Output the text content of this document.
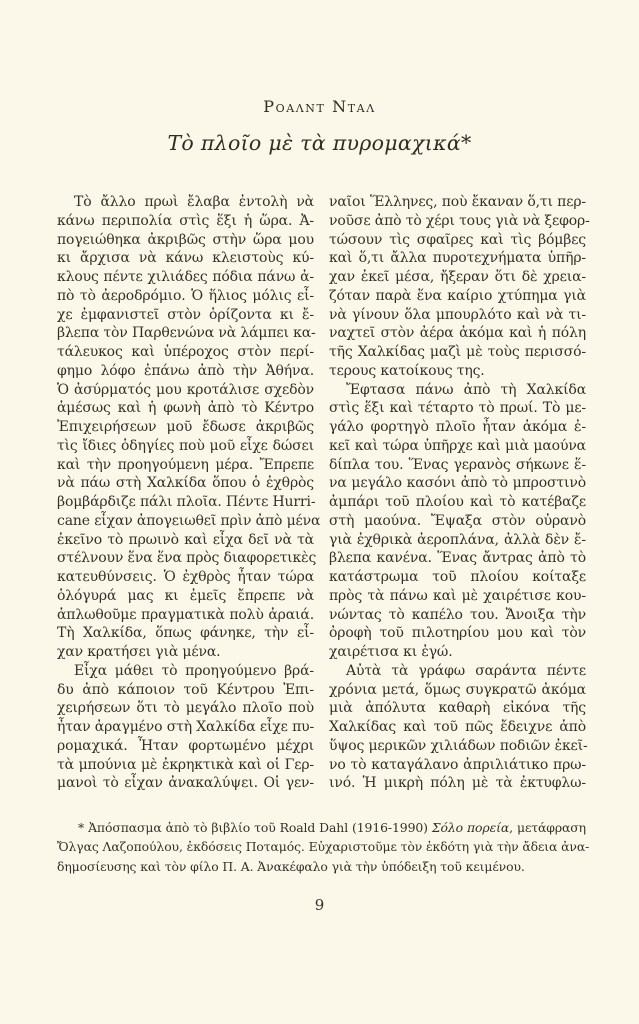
Ροαλντ Νταλ
Τὸ πλοῖο μὲ τὰ πυρομαχικά*
Τὸ ἄλλο πρωὶ ἔλαβα ἐντολὴ νὰ
κάνω περιπολία στὶς ἕξι ἡ ὥρα. Ἀ-
πογειώθηκα ἀκριβῶς στὴν ὥρα μου
κι ἄρχισα νὰ κάνω κλειστοὺς κύ-
κλους πέντε χιλιάδες πόδια πάνω ἀ-
πὸ τὸ ἀεροδρόμιο. Ὁ ἥλιος μόλις εἶ-
χε ἐμφανιστεῖ στὸν ὁρίζοντα κι ἔ-
βλεπα τὸν Παρθενώνα νὰ λάμπει κα-
τάλευκος καὶ ὑπέροχος στὸν περί-
φημο λόφο ἐπάνω ἀπὸ τὴν Ἀθήνα.
Ὁ ἀσύρματός μου κροτάλισε σχεδὸν
ἀμέσως καὶ ἡ φωνὴ ἀπὸ τὸ Κέντρο
Ἐπιχειρήσεων μοῦ ἔδωσε ἀκριβῶς
τὶς ἴδιες ὁδηγίες ποὺ μοῦ εἶχε δώσει
καὶ τὴν προηγούμενη μέρα. Ἔπρεπε
νὰ πάω στὴ Χαλκίδα ὅπου ὁ ἐχθρὸς
βομβάρδιζε πάλι πλοῖα. Πέντε Hurri-
cane εἶχαν ἀπογειωθεῖ πρὶν ἀπὸ μένα
ἐκεῖνο τὸ πρωινὸ καὶ εἶχα δεῖ νὰ τὰ
στέλνουν ἕνα ἕνα πρὸς διαφορετικὲς
κατευθύνσεις. Ὁ ἐχθρὸς ἦταν τώρα
ὁλόγυρά μας κι ἐμεῖς ἔπρεπε νὰ
ἁπλωθοῦμε πραγματικὰ πολὺ ἀραιά.
Τὴ Χαλκίδα, ὅπως φάνηκε, τὴν εἶ-
χαν κρατήσει γιὰ μένα.
Εἶχα μάθει τὸ προηγούμενο βρά-
δυ ἀπὸ κάποιον τοῦ Κέντρου Ἐπι-
χειρήσεων ὅτι τὸ μεγάλο πλοῖο ποὺ
ἦταν ἀραγμένο στὴ Χαλκίδα εἶχε πυ-
ρομαχικά. Ἦταν φορτωμένο μέχρι
τὰ μπούνια μὲ ἐκρηκτικὰ καὶ οἱ Γερ-
μανοὶ τὸ εἶχαν ἀνακαλύψει. Οἱ γεν-
ναῖοι Ἕλληνες, ποὺ ἔκαναν ὅ,τι περ-
νοῦσε ἀπὸ τὸ χέρι τους γιὰ νὰ ξεφορ-
τώσουν τὶς σφαῖρες καὶ τὶς βόμβες
καὶ ὅ,τι ἄλλα πυροτεχνήματα ὑπῆρ-
χαν ἐκεῖ μέσα, ἤξεραν ὅτι δὲ χρεια-
ζόταν παρὰ ἕνα καίριο χτύπημα γιὰ
νὰ γίνουν ὅλα μπουρλότο καὶ νὰ τι-
ναχτεῖ στὸν ἀέρα ἀκόμα καὶ ἡ πόλη
τῆς Χαλκίδας μαζὶ μὲ τοὺς περισσό-
τερους κατοίκους της.
Ἔφτασα πάνω ἀπὸ τὴ Χαλκίδα
στὶς ἕξι καὶ τέταρτο τὸ πρωί. Τὸ με-
γάλο φορτηγὸ πλοῖο ἦταν ἀκόμα ἐ-
κεῖ καὶ τώρα ὑπῆρχε καὶ μιὰ μαούνα
δίπλα του. Ἕνας γερανὸς σήκωνε ἕ-
να μεγάλο κασόνι ἀπὸ τὸ μπροστινὸ
ἀμπάρι τοῦ πλοίου καὶ τὸ κατέβαζε
στὴ μαούνα. Ἔψαξα στὸν οὐρανὸ
γιὰ ἐχθρικὰ ἀεροπλάνα, ἀλλὰ δὲν ἔ-
βλεπα κανένα. Ἕνας ἄντρας ἀπὸ τὸ
κατάστρωμα τοῦ πλοίου κοίταξε
πρὸς τὰ πάνω καὶ μὲ χαιρέτισε κου-
νώντας τὸ καπέλο του. Ἄνοιξα τὴν
ὀροφὴ τοῦ πιλοτηρίου μου καὶ τὸν
χαιρέτισα κι ἐγώ.
Αὐτὰ τὰ γράφω σαράντα πέντε
χρόνια μετά, ὅμως συγκρατῶ ἀκόμα
μιὰ ἀπόλυτα καθαρὴ εἰκόνα τῆς
Χαλκίδας καὶ τοῦ πῶς ἔδειχνε ἀπὸ
ὕψος μερικῶν χιλιάδων ποδιῶν ἐκεῖ-
νο τὸ καταγάλανο ἀπριλιάτικο πρω-
ινό. Ἡ μικρὴ πόλη μὲ τὰ ἐκτυφλω-
* Ἀπόσπασμα ἀπὸ τὸ βιβλίο τοῦ Roald Dahl (1916-1990) Σόλο πορεία, μετάφραση
Ὄλγας Λαζοπούλου, ἐκδόσεις Ποταμός. Εὐχαριστοῦμε τὸν ἐκδότη γιὰ τὴν ἄδεια ἀνα-
δημοσίευσης καὶ τὸν φίλο Π. Α. Ἀνακέφαλο γιὰ τὴν ὑπόδειξη τοῦ κειμένου.
9
